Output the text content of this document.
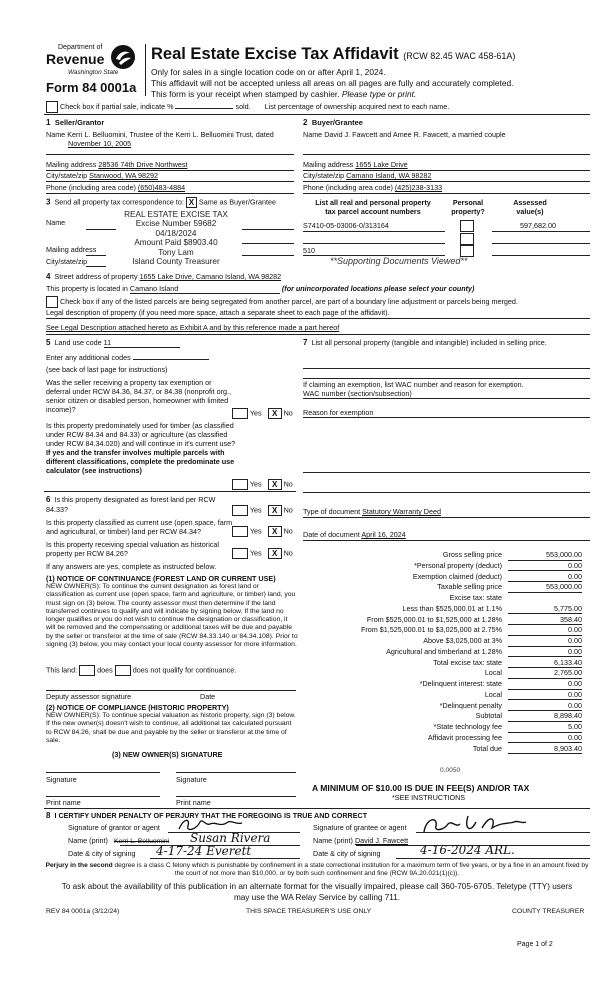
Department of
Revenue
Washington State
Form 84 0001a
Real Estate Excise Tax Affidavit (RCW 82.45 WAC 458-61A)
Only for sales in a single location code on or after April 1, 2024.
This affidavit will not be accepted unless all areas on all pages are fully and accurately completed.
This form is your receipt when stamped by cashier. Please type or print.
Check box if partial sale, indicate %	sold. List percentage of ownership acquired next to each name.
1 Seller/Grantor
Name Kerri L. Belluomini, Trustee of the Kerri L. Belluomini Trust, dated
November 10, 2005
Mailing address 28536 74th Drive Northwest
City/state/zip Stanwood, WA 98292
Phone (including area code) (650)483-4884
2 Buyer/Grantee
Name David J. Fawcett and Amee R. Fawcett, a married couple
Mailing address 1655 Lake Drive
City/state/zip Camano Island, WA 98282
Phone (including area code) (425)238-3133
3 Send all property tax correspondence to: X Same as Buyer/Grantee
Name
Mailing address
City/state/zip
REAL ESTATE EXCISE TAX
Excise Number 59682
04/18/2024
Amount Paid $8903.40
Tony Lam
Island County Treasurer
List all real and personal property
tax parcel account numbers
Personal property?
Assessed value(s)
S7410-05-03006-0/313164	597,682.00
510
**Supporting Documents Viewed**
4 Street address of property 1655 Lake Drive, Camano Island, WA 98282
This property is located in Camano Island	(for unincorporated locations please select your county)
Check box if any of the listed parcels are being segregated from another parcel, are part of a boundary line adjustment or parcels being merged.
Legal description of property (if you need more space, attach a separate sheet to each page of the affidavit).
See Legal Description attached hereto as Exhibit A and by this reference made a part hereof
5 Land use code 11
Enter any additional codes
(see back of last page for instructions)
Was the seller receiving a property tax exemption or deferral under RCW 84.36, 84.37, or 84.38 (nonprofit org., senior citizen or disabled person, homeowner with limited income)?	Yes X No
Is this property predominately used for timber (as classified under RCW 84.34 and 84.33) or agriculture (as classified under RCW 84.34.020) and will continue in it's current use? If yes and the transfer involves multiple parcels with different classifications, complete the predominate use calculator (see instructions)
Yes X No
6 Is this property designated as forest land per RCW 84.33?	Yes X No
Is this property classified as current use (open space, farm and agricultural, or timber) land per RCW 84.34?	Yes X No
Is this property receiving special valuation as historical property per RCW 84.26?	Yes X No
If any answers are yes, complete as instructed below.
(1) NOTICE OF CONTINUANCE (FOREST LAND OR CURRENT USE)
NEW OWNER(S): To continue the current designation as forest land or classification as current use (open space, farm and agriculture, or timber) land, you must sign on (3) below. The county assessor must then determine if the land transferred continues to qualify and will indicate by signing below. If the land no longer qualifies or you do not wish to continue the designation or classification, it will be removed and the compensating or additional taxes will be due and payable by the seller or transferor at the time of sale (RCW 84.33.140 or 84.34.108). Prior to signing (3) below, you may contact your local county assessor for more information.
This land:	does	does not qualify for continuance.
Deputy assessor signature	Date
(2) NOTICE OF COMPLIANCE (HISTORIC PROPERTY)
NEW OWNER(S): To continue special valuation as historic property, sign (3) below. If the new owner(s) doesn't wish to continue, all additional tax calculated pursuant to RCW 84.26, shall be due and payable by the seller or transferor at the time of sale.
(3) NEW OWNER(S) SIGNATURE
Signature	Signature
Print name	Print name
7 List all personal property (tangible and intangible) included in selling price.
If claiming an exemption, list WAC number and reason for exemption.
WAC number (section/subsection)
Reason for exemption
Type of document Statutory Warranty Deed
Date of document April 16, 2024
Gross selling price	553,000.00
*Personal property (deduct)	0.00
Exemption claimed (deduct)	0.00
Taxable selling price	553,000.00
Excise tax: state
Less than $525,000.01 at 1.1%	5,775.00
From $525,000.01 to $1,525,000 at 1.28%	358.40
From $1,525,000.01 to $3,025,000 at 2.75%	0.00
Above $3,025,000 at 3%	0.00
Agricultural and timberland at 1.28%	0.00
Total excise tax: state	6,133.40
Local	2,765.00
*Delinquent interest: state	0.00
Local	0.00
*Delinquent penalty	0.00
Subtotal	8,898.40
*State technology fee	5.00
Affidavit processing fee	0.00
Total due	8,903.40
0.0050
A MINIMUM OF $10.00 IS DUE IN FEE(S) AND/OR TAX
*SEE INSTRUCTIONS
8 I CERTIFY UNDER PENALTY OF PERJURY THAT THE FOREGOING IS TRUE AND CORRECT
Signature of grantor or agent
Name (print) Kerri L. Belluomini Susan Rivera
Date & city of signing 4-17-24 Everett
Signature of grantee or agent
Name (print) David J. Fawcett
Date & city of signing	4-16-2024 ARL.
Perjury in the second degree is a class C felony which is punishable by confinement in a state correctional institution for a maximum term of five years, or by a fine in an amount fixed by the court of not more than $10,000, or by both such confinement and fine (RCW 9A.20.021(1)(c)).
To ask about the availability of this publication in an alternate format for the visually impaired, please call 360-705-6705. Teletype (TTY) users may use the WA Relay Service by calling 711.
REV 84 0001a (3/12/24)	THIS SPACE TREASURER'S USE ONLY	COUNTY TREASURER
Page 1 of 2
